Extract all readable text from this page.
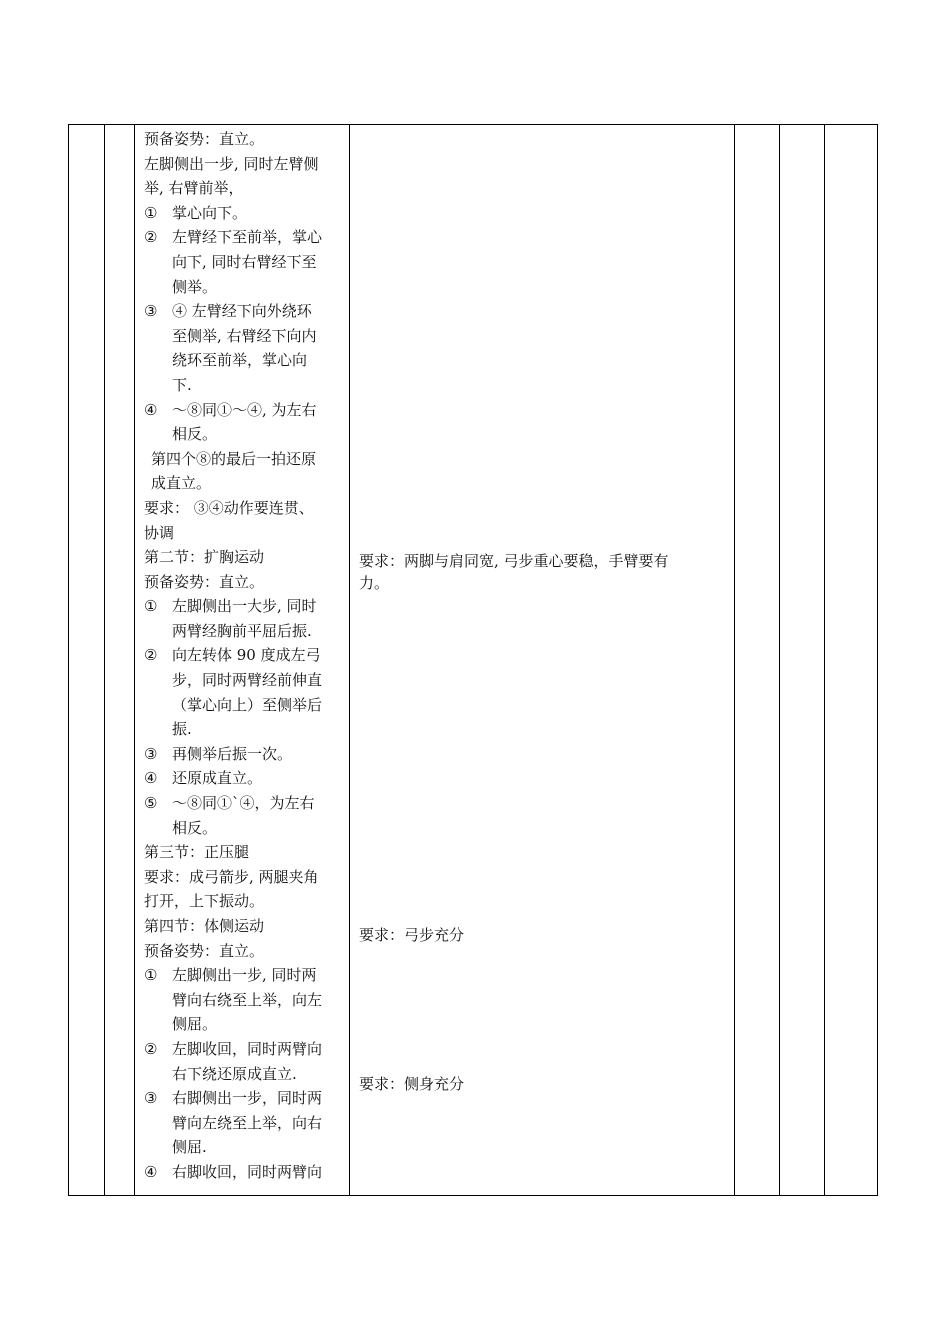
预备姿势：直立。
左脚侧出一步, 同时左臂侧
举, 右臂前举，
① 掌心向下。
② 左臂经下至前举，掌心
向下, 同时右臂经下至
侧举。
③ ④ 左臂经下向外绕环
至侧举, 右臂经下向内
绕环至前举，掌心向
下.
④ ～⑧同①～④, 为左右
相反。
第四个⑧的最后一拍还原
成直立。
要求： ③④动作要连贯、
协调
第二节：扩胸运动
预备姿势：直立。
① 左脚侧出一大步, 同时
两臂经胸前平屈后振.
② 向左转体 90 度成左弓
步，同时两臂经前伸直
（掌心向上）至侧举后
振.
③ 再侧举后振一次。
④ 还原成直立。
⑤ ～⑧同①`④，为左右
相反。
第三节：正压腿
要求：成弓箭步, 两腿夹角
打开，上下振动。
第四节：体侧运动
预备姿势：直立。
① 左脚侧出一步, 同时两
臂向右绕至上举，向左
侧屈。
② 左脚收回，同时两臂向
右下绕还原成直立.
③ 右脚侧出一步，同时两
臂向左绕至上举，向右
侧屈.
④ 右脚收回，同时两臂向
要求：两脚与肩同宽, 弓步重心要稳，手臂要有
力。
要求：弓步充分
要求：侧身充分
